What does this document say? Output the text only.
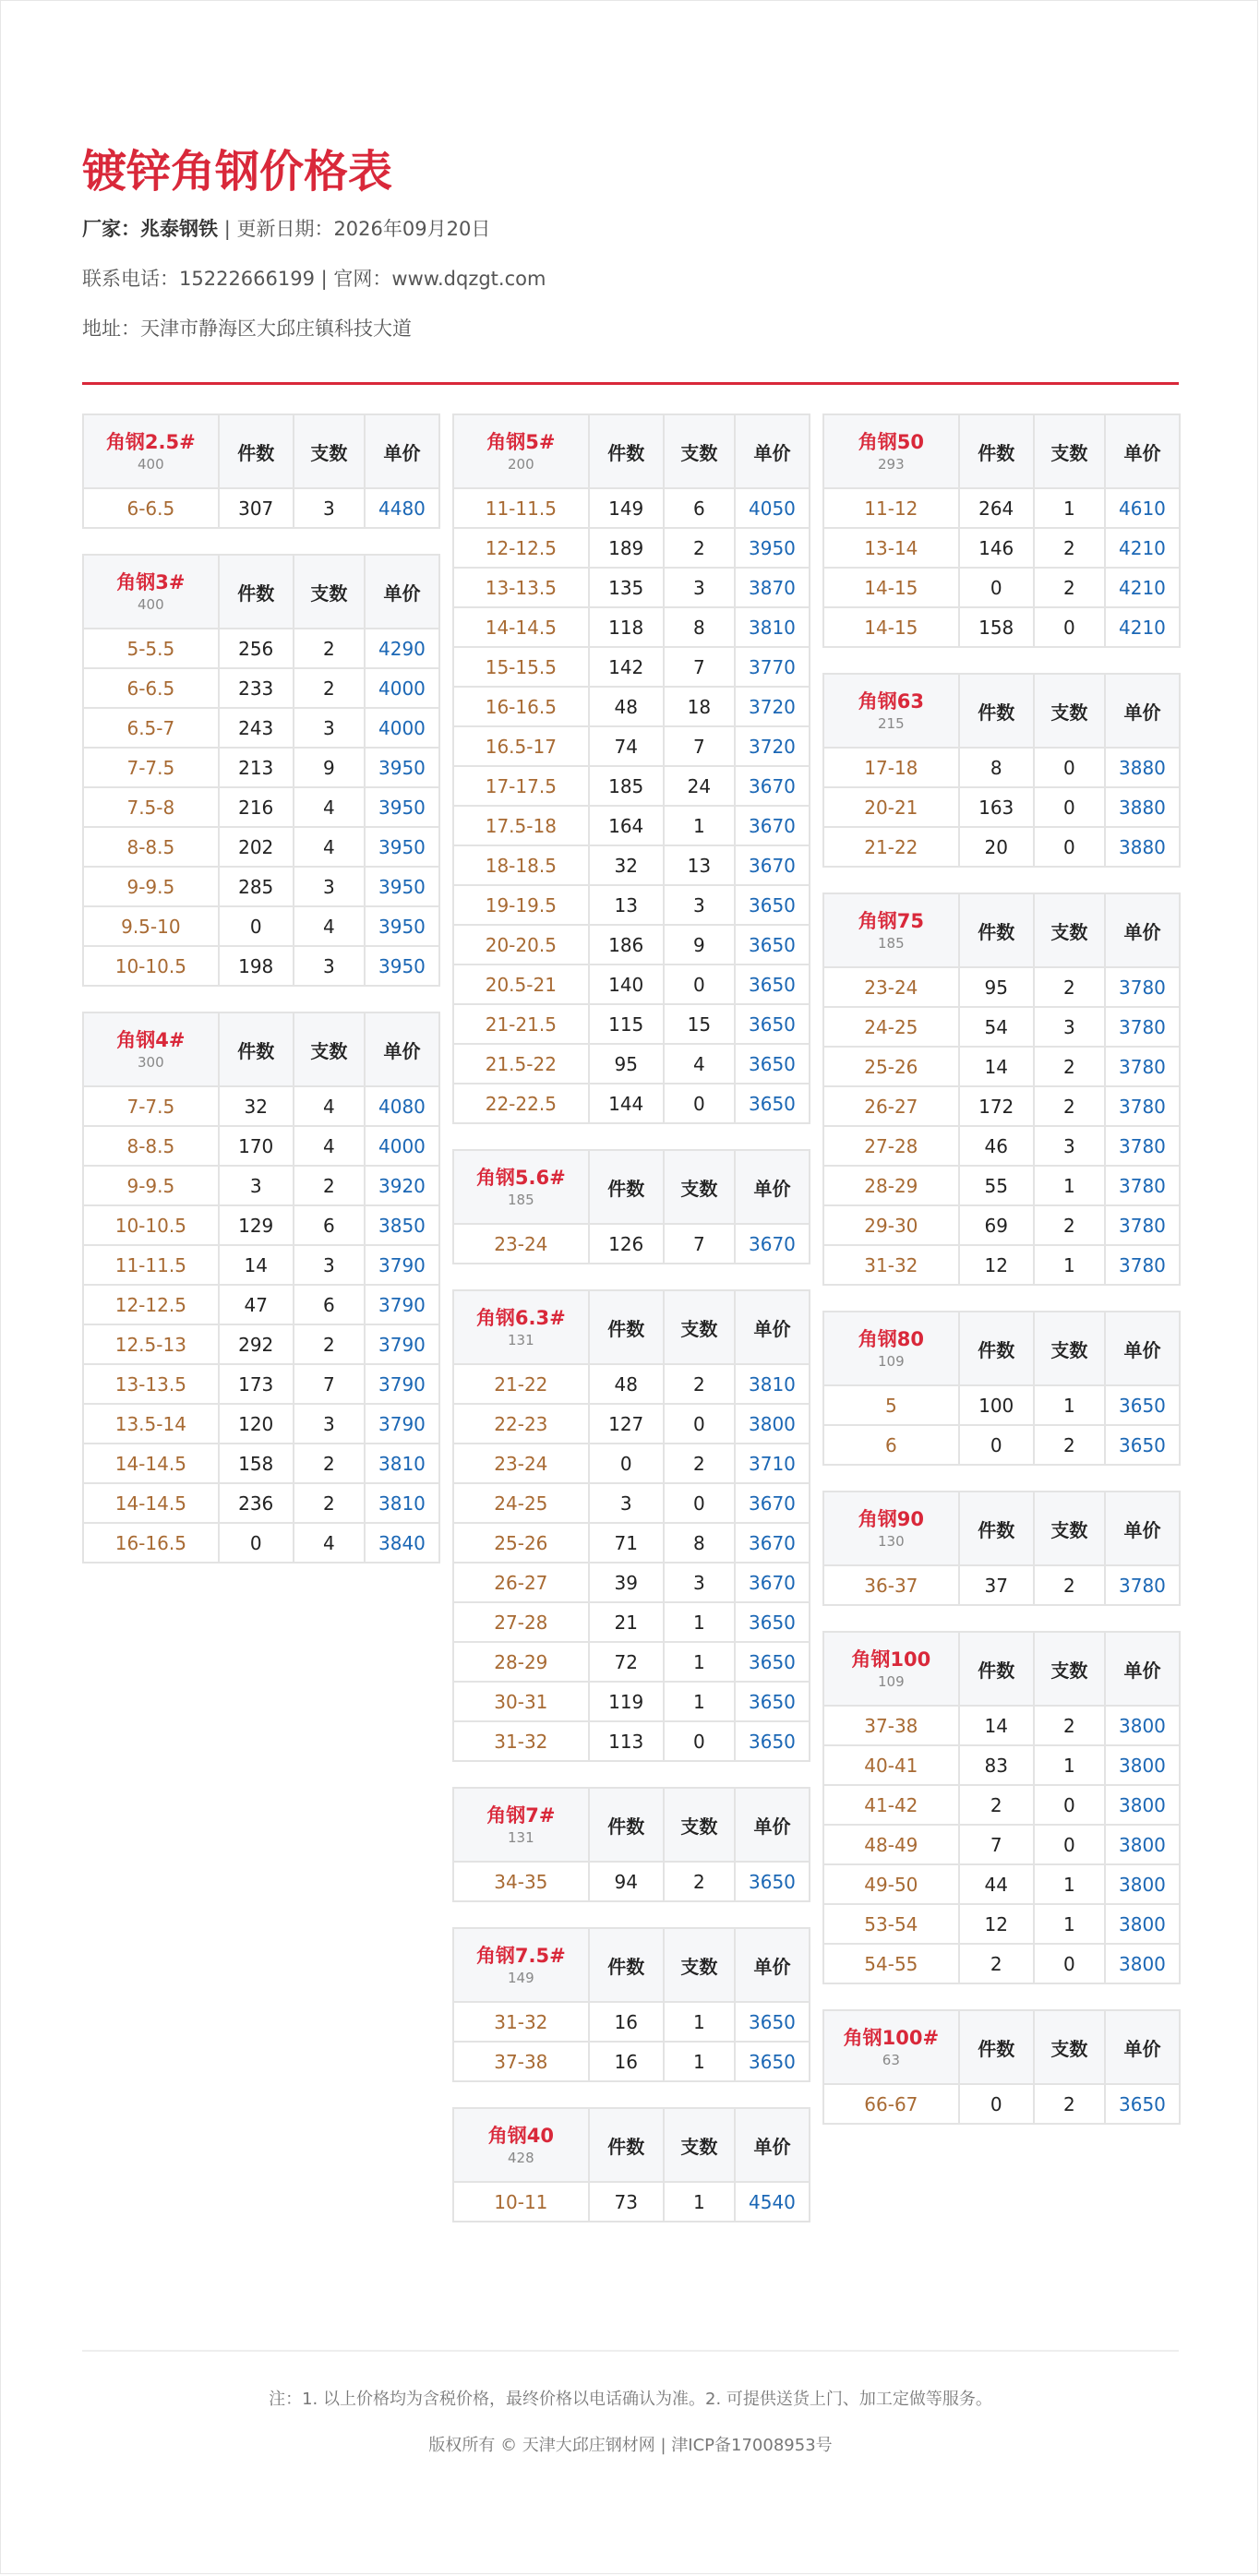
镀锌角钢价格表
厂家：兆泰钢铁 | 更新日期：2026年09月20日
联系电话：15222666199 | 官网：www.dqzgt.com
地址：天津市静海区大邱庄镇科技大道
角钢2.5#
400	件数	支数	单价
6-6.5	307	3	4480
角钢3#
400	件数	支数	单价
5-5.5	256	2	4290
6-6.5	233	2	4000
6.5-7	243	3	4000
7-7.5	213	9	3950
7.5-8	216	4	3950
8-8.5	202	4	3950
9-9.5	285	3	3950
9.5-10	0	4	3950
10-10.5	198	3	3950
角钢4#
300	件数	支数	单价
7-7.5	32	4	4080
8-8.5	170	4	4000
9-9.5	3	2	3920
10-10.5	129	6	3850
11-11.5	14	3	3790
12-12.5	47	6	3790
12.5-13	292	2	3790
13-13.5	173	7	3790
13.5-14	120	3	3790
14-14.5	158	2	3810
14-14.5	236	2	3810
16-16.5	0	4	3840
角钢5#
200	件数	支数	单价
11-11.5	149	6	4050
12-12.5	189	2	3950
13-13.5	135	3	3870
14-14.5	118	8	3810
15-15.5	142	7	3770
16-16.5	48	18	3720
16.5-17	74	7	3720
17-17.5	185	24	3670
17.5-18	164	1	3670
18-18.5	32	13	3670
19-19.5	13	3	3650
20-20.5	186	9	3650
20.5-21	140	0	3650
21-21.5	115	15	3650
21.5-22	95	4	3650
22-22.5	144	0	3650
角钢5.6#
185	件数	支数	单价
23-24	126	7	3670
角钢6.3#
131	件数	支数	单价
21-22	48	2	3810
22-23	127	0	3800
23-24	0	2	3710
24-25	3	0	3670
25-26	71	8	3670
26-27	39	3	3670
27-28	21	1	3650
28-29	72	1	3650
30-31	119	1	3650
31-32	113	0	3650
角钢7#
131	件数	支数	单价
34-35	94	2	3650
角钢7.5#
149	件数	支数	单价
31-32	16	1	3650
37-38	16	1	3650
角钢40
428	件数	支数	单价
10-11	73	1	4540
角钢50
293	件数	支数	单价
11-12	264	1	4610
13-14	146	2	4210
14-15	0	2	4210
14-15	158	0	4210
角钢63
215	件数	支数	单价
17-18	8	0	3880
20-21	163	0	3880
21-22	20	0	3880
角钢75
185	件数	支数	单价
23-24	95	2	3780
24-25	54	3	3780
25-26	14	2	3780
26-27	172	2	3780
27-28	46	3	3780
28-29	55	1	3780
29-30	69	2	3780
31-32	12	1	3780
角钢80
109	件数	支数	单价
5	100	1	3650
6	0	2	3650
角钢90
130	件数	支数	单价
36-37	37	2	3780
角钢100
109	件数	支数	单价
37-38	14	2	3800
40-41	83	1	3800
41-42	2	0	3800
48-49	7	0	3800
49-50	44	1	3800
53-54	12	1	3800
54-55	2	0	3800
角钢100#
63	件数	支数	单价
66-67	0	2	3650
注：1. 以上价格均为含税价格，最终价格以电话确认为准。2. 可提供送货上门、加工定做等服务。
版权所有 © 天津大邱庄钢材网 | 津ICP备17008953号
